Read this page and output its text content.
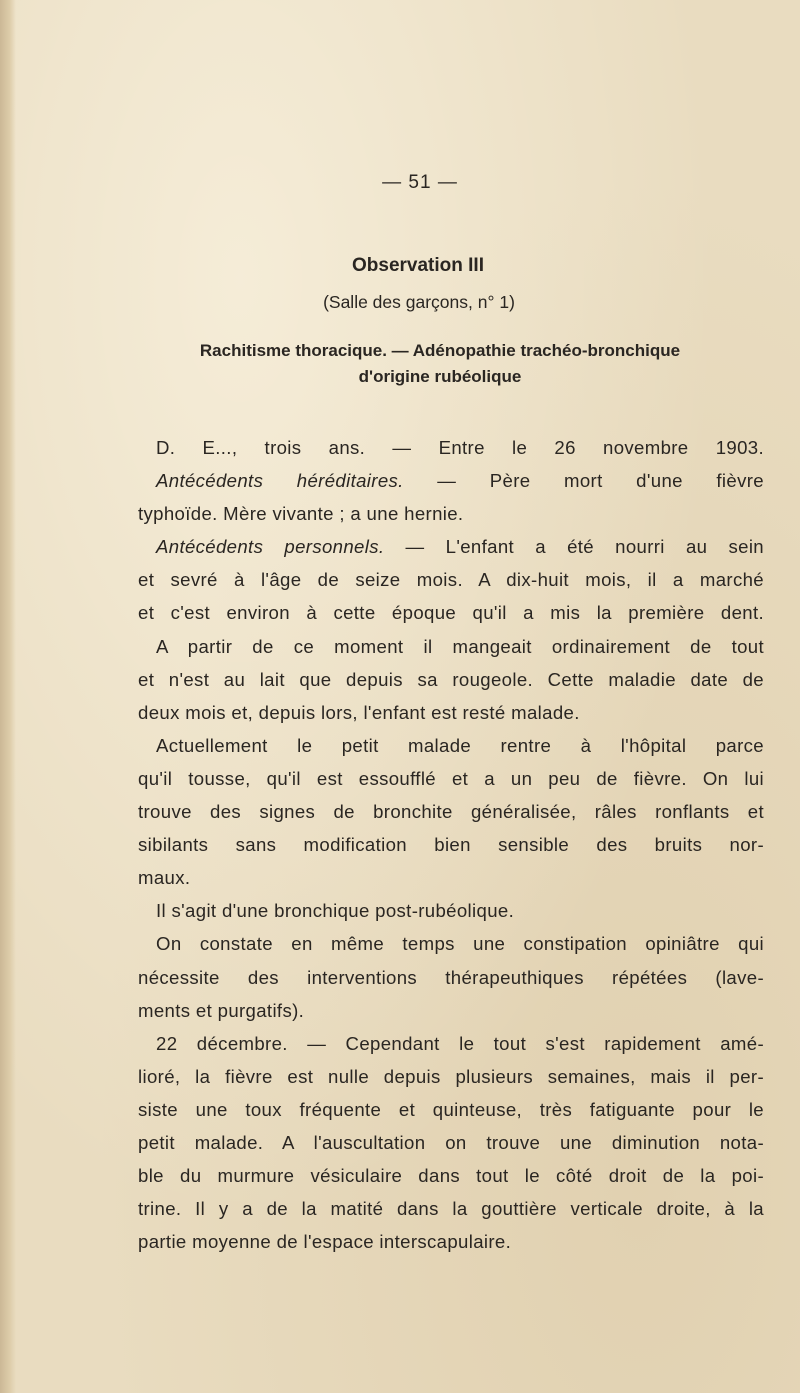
— 51 —
Observation III
(Salle des garçons, n° 1)
Rachitisme thoracique. — Adénopathie trachéo-bronchique
d'origine rubéolique
D. E..., trois ans. — Entre le 26 novembre 1903.
Antécédents héréditaires. — Père mort d'une fièvre
typhoïde. Mère vivante ; a une hernie.
Antécédents personnels. — L'enfant a été nourri au sein
et sevré à l'âge de seize mois. A dix-huit mois, il a marché
et c'est environ à cette époque qu'il a mis la première dent.
A partir de ce moment il mangeait ordinairement de tout
et n'est au lait que depuis sa rougeole. Cette maladie date de
deux mois et, depuis lors, l'enfant est resté malade.
Actuellement le petit malade rentre à l'hôpital parce
qu'il tousse, qu'il est essoufflé et a un peu de fièvre. On lui
trouve des signes de bronchite généralisée, râles ronflants et
sibilants sans modification bien sensible des bruits nor-
maux.
Il s'agit d'une bronchique post-rubéolique.
On constate en même temps une constipation opiniâtre qui
nécessite des interventions thérapeuthiques répétées (lave-
ments et purgatifs).
22 décembre. — Cependant le tout s'est rapidement amé-
lioré, la fièvre est nulle depuis plusieurs semaines, mais il per-
siste une toux fréquente et quinteuse, très fatiguante pour le
petit malade. A l'auscultation on trouve une diminution nota-
ble du murmure vésiculaire dans tout le côté droit de la poi-
trine. Il y a de la matité dans la gouttière verticale droite, à la
partie moyenne de l'espace interscapulaire.
